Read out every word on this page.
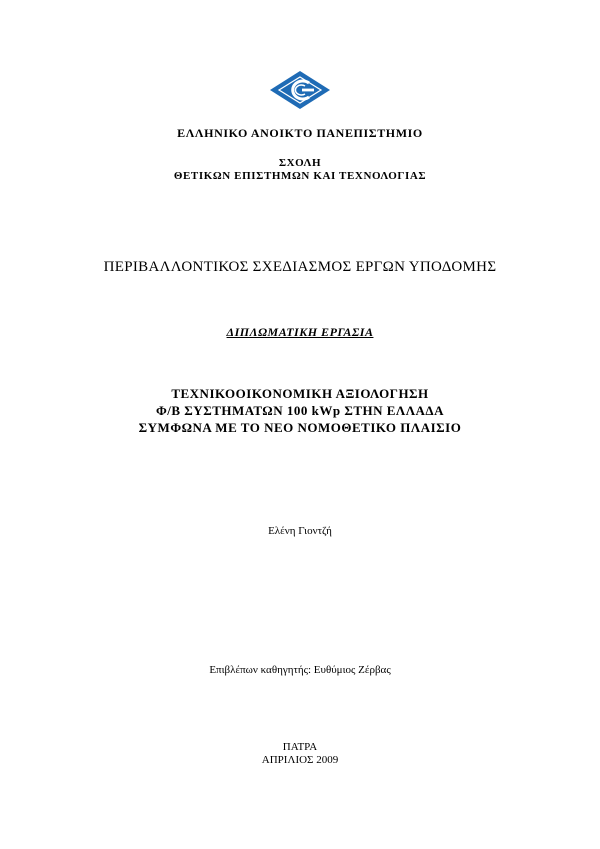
ΕΛΛΗΝΙΚΟ ΑΝΟΙΚΤΟ ΠΑΝΕΠΙΣΤΗΜΙΟ
ΣΧΟΛΗ
ΘΕΤΙΚΩΝ ΕΠΙΣΤΗΜΩΝ ΚΑΙ ΤΕΧΝΟΛΟΓΙΑΣ
ΠΕΡΙΒΑΛΛΟΝΤΙΚΟΣ ΣΧΕΔΙΑΣΜΟΣ ΕΡΓΩΝ ΥΠΟΔΟΜΗΣ
ΔΙΠΛΩΜΑΤΙΚΗ ΕΡΓΑΣΙΑ
ΤΕΧΝΙΚΟΟΙΚΟΝΟΜΙΚΗ ΑΞΙΟΛΟΓΗΣΗ
Φ/Β ΣΥΣΤΗΜΑΤΩΝ 100 kWp ΣΤΗΝ ΕΛΛΑΔΑ
ΣΥΜΦΩΝΑ ΜΕ ΤΟ ΝΕΟ ΝΟΜΟΘΕΤΙΚΟ ΠΛΑΙΣΙΟ
Ελένη Γιοντζή
Επιβλέπων καθηγητής: Ευθύμιος Ζέρβας
ΠΑΤΡΑ
ΑΠΡΙΛΙΟΣ 2009
